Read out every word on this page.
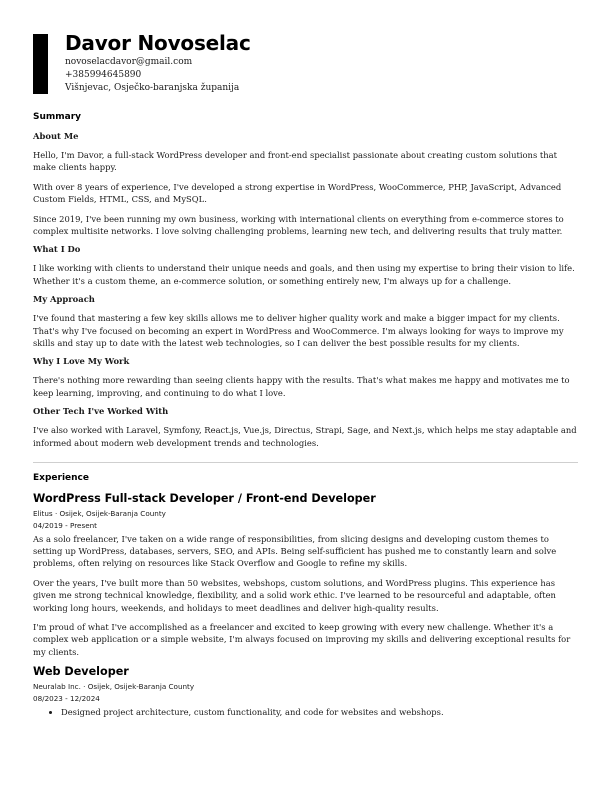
Davor Novoselac
novoselacdavor@gmail.com
+385994645890
Višnjevac, Osječko-baranjska županija
Summary
About Me

Hello, I'm Davor, a full-stack WordPress developer and front-end specialist passionate about creating custom solutions that make clients happy.

With over 8 years of experience, I've developed a strong expertise in WordPress, WooCommerce, PHP, JavaScript, Advanced Custom Fields, HTML, CSS, and MySQL.

Since 2019, I've been running my own business, working with international clients on everything from e-commerce stores to complex multisite networks. I love solving challenging problems, learning new tech, and delivering results that truly matter.

What I Do

I like working with clients to understand their unique needs and goals, and then using my expertise to bring their vision to life. Whether it's a custom theme, an e-commerce solution, or something entirely new, I'm always up for a challenge.

My Approach

I've found that mastering a few key skills allows me to deliver higher quality work and make a bigger impact for my clients. That's why I've focused on becoming an expert in WordPress and WooCommerce. I'm always looking for ways to improve my skills and stay up to date with the latest web technologies, so I can deliver the best possible results for my clients.

Why I Love My Work

There's nothing more rewarding than seeing clients happy with the results. That's what makes me happy and motivates me to keep learning, improving, and continuing to do what I love.

Other Tech I've Worked With

I've also worked with Laravel, Symfony, React.js, Vue.js, Directus, Strapi, Sage, and Next.js, which helps me stay adaptable and informed about modern web development trends and technologies.

Experience
WordPress Full-stack Developer / Front-end Developer
Elitus · Osijek, Osijek-Baranja County
04/2019 - Present

As a solo freelancer, I've taken on a wide range of responsibilities, from slicing designs and developing custom themes to setting up WordPress, databases, servers, SEO, and APIs. Being self-sufficient has pushed me to constantly learn and solve problems, often relying on resources like Stack Overflow and Google to refine my skills.

Over the years, I've built more than 50 websites, webshops, custom solutions, and WordPress plugins. This experience has given me strong technical knowledge, flexibility, and a solid work ethic. I've learned to be resourceful and adaptable, often working long hours, weekends, and holidays to meet deadlines and deliver high-quality results.

I'm proud of what I've accomplished as a freelancer and excited to keep growing with every new challenge. Whether it's a complex web application or a simple website, I'm always focused on improving my skills and delivering exceptional results for my clients.

Web Developer
Neuralab Inc. · Osijek, Osijek-Baranja County
08/2023 - 12/2024
• Designed project architecture, custom functionality, and code for websites and webshops.
